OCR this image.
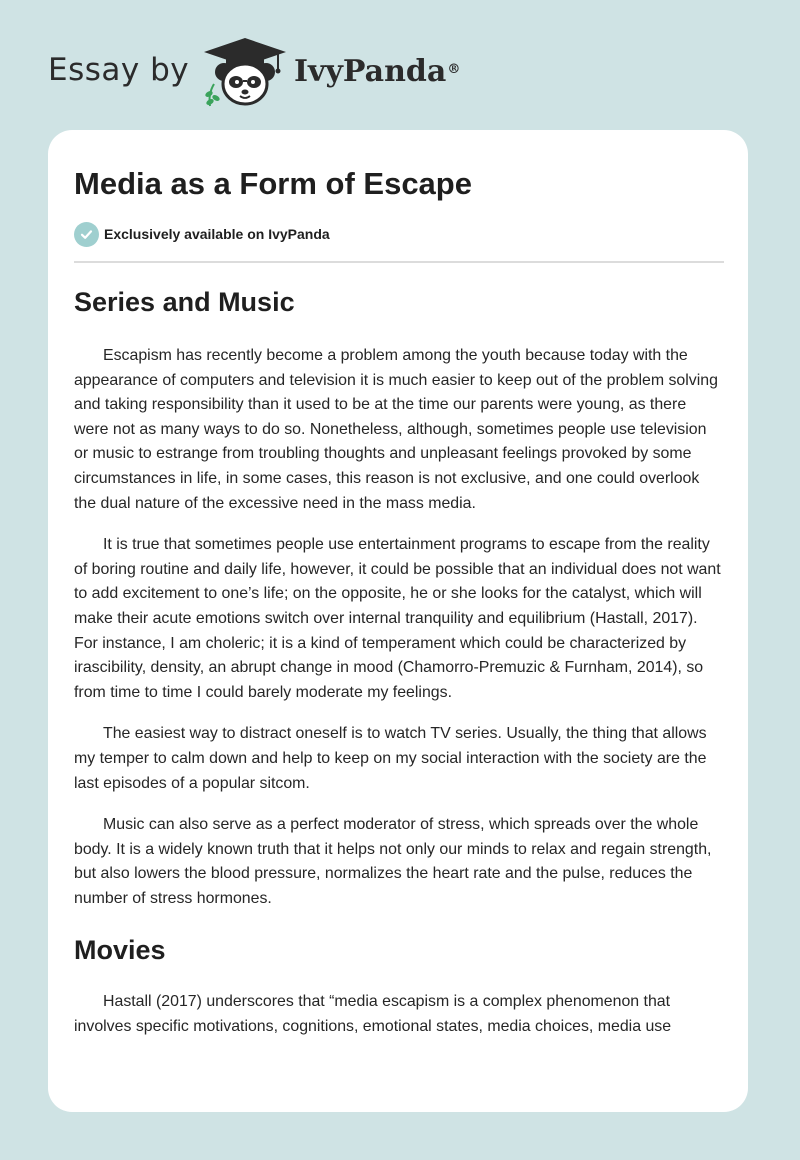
Essay by	IvyPanda®
Media as a Form of Escape
Exclusively available on IvyPanda
Series and Music

Escapism has recently become a problem among the youth because today with the appearance of computers and television it is much easier to keep out of the problem solving and taking responsibility than it used to be at the time our parents were young, as there were not as many ways to do so. Nonetheless, although, sometimes people use television or music to estrange from troubling thoughts and unpleasant feelings provoked by some circumstances in life, in some cases, this reason is not exclusive, and one could overlook the dual nature of the excessive need in the mass media.

It is true that sometimes people use entertainment programs to escape from the reality of boring routine and daily life, however, it could be possible that an individual does not want to add excitement to one’s life; on the opposite, he or she looks for the catalyst, which will make their acute emotions switch over internal tranquility and equilibrium (Hastall, 2017). For instance, I am choleric; it is a kind of temperament which could be characterized by irascibility, density, an abrupt change in mood (Chamorro-Premuzic & Furnham, 2014), so from time to time I could barely moderate my feelings.

The easiest way to distract oneself is to watch TV series. Usually, the thing that allows my temper to calm down and help to keep on my social interaction with the society are the last episodes of a popular sitcom.

Music can also serve as a perfect moderator of stress, which spreads over the whole body. It is a widely known truth that it helps not only our minds to relax and regain strength, but also lowers the blood pressure, normalizes the heart rate and the pulse, reduces the number of stress hormones.

Movies

Hastall (2017) underscores that “media escapism is a complex phenomenon that involves specific motivations, cognitions, emotional states, media choices, media use
